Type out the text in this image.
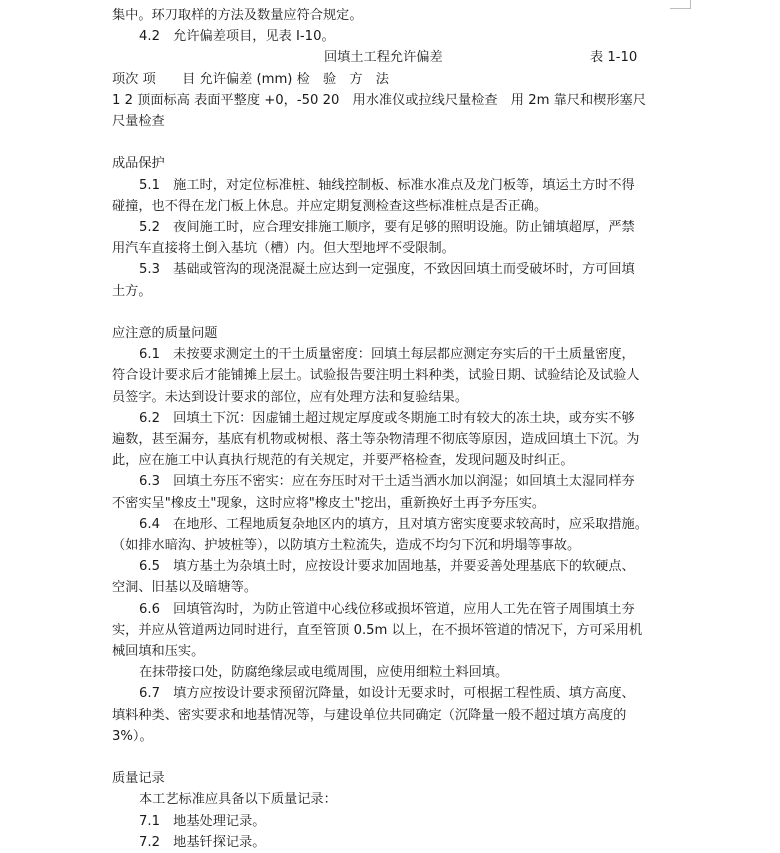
集中。环刀取样的方法及数量应符合规定。

4.2　允许偏差项目，见表 I-10。

回填土工程允许偏差	表 1-10

项次 项　　目 允许偏差 (mm) 检　验　方　法

1 2 顶面标高 表面平整度 +0，-50 20　用水准仪或拉线尺量检查　用 2m 靠尺和楔形塞尺

尺量检查

成品保护

5.1　施工时，对定位标准桩、轴线控制板、标准水准点及龙门板等，填运土方时不得

碰撞，也不得在龙门板上休息。并应定期复测检查这些标准桩点是否正确。

5.2　夜间施工时，应合理安排施工顺序，要有足够的照明设施。防止铺填超厚，严禁

用汽车直接将土倒入基坑（槽）内。但大型地坪不受限制。

5.3　基础或管沟的现浇混凝土应达到一定强度，不致因回填土而受破坏时，方可回填

土方。

应注意的质量问题

6.1　未按要求测定土的干土质量密度：回填土每层都应测定夯实后的干土质量密度，

符合设计要求后才能铺摊上层土。试验报告要注明土料种类，试验日期、试验结论及试验人

员签字。未达到设计要求的部位，应有处理方法和复验结果。

6.2　回填土下沉：因虚铺土超过规定厚度或冬期施工时有较大的冻土块，或夯实不够

遍数，甚至漏夯，基底有机物或树根、落土等杂物清理不彻底等原因，造成回填土下沉。为

此，应在施工中认真执行规范的有关规定，并要严格检查，发现问题及时纠正。

6.3　回填土夯压不密实：应在夯压时对干土适当洒水加以润湿；如回填土太湿同样夯

不密实呈"橡皮土"现象，这时应将"橡皮土"挖出，重新换好土再予夯压实。

6.4　在地形、工程地质复杂地区内的填方，且对填方密实度要求较高时，应采取措施。

（如排水暗沟、护坡桩等），以防填方土粒流失，造成不均匀下沉和坍塌等事故。

6.5　填方基土为杂填土时，应按设计要求加固地基，并要妥善处理基底下的软硬点、

空洞、旧基以及暗塘等。

6.6　回填管沟时，为防止管道中心线位移或损坏管道，应用人工先在管子周围填土夯

实，并应从管道两边同时进行，直至管顶 0.5m 以上，在不损坏管道的情况下，方可采用机

械回填和压实。

在抹带接口处，防腐绝缘层或电缆周围，应使用细粒土料回填。

6.7　填方应按设计要求预留沉降量，如设计无要求时，可根据工程性质、填方高度、

填料种类、密实要求和地基情况等，与建设单位共同确定（沉降量一般不超过填方高度的

3%）。

质量记录

本工艺标准应具备以下质量记录：

7.1　地基处理记录。

7.2　地基钎探记录。
